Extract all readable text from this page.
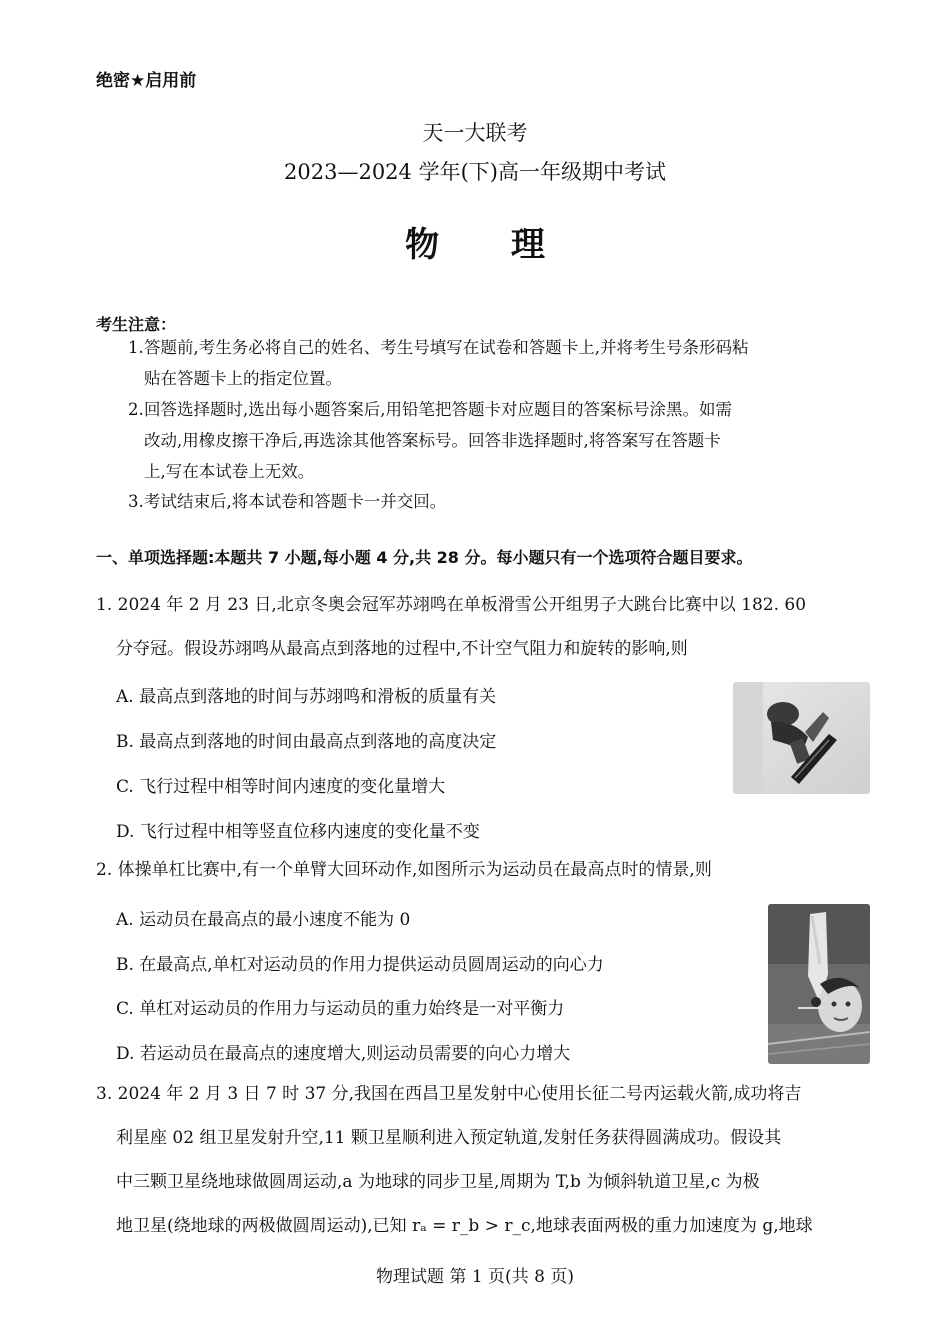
绝密★启用前
天一大联考
2023—2024 学年(下)高一年级期中考试
物 理
考生注意：
1.答题前,考生务必将自己的姓名、考生号填写在试卷和答题卡上,并将考生号条形码粘
贴在答题卡上的指定位置。
2.回答选择题时,选出每小题答案后,用铅笔把答题卡对应题目的答案标号涂黑。如需
改动,用橡皮擦干净后,再选涂其他答案标号。回答非选择题时,将答案写在答题卡
上,写在本试卷上无效。
3.考试结束后,将本试卷和答题卡一并交回。
一、单项选择题:本题共 7 小题,每小题 4 分,共 28 分。每小题只有一个选项符合题目要求。
1. 2024 年 2 月 23 日,北京冬奥会冠军苏翊鸣在单板滑雪公开组男子大跳台比赛中以 182. 60
分夺冠。假设苏翊鸣从最高点到落地的过程中,不计空气阻力和旋转的影响,则
A. 最高点到落地的时间与苏翊鸣和滑板的质量有关
B. 最高点到落地的时间由最高点到落地的高度决定
C. 飞行过程中相等时间内速度的变化量增大
D. 飞行过程中相等竖直位移内速度的变化量不变
2. 体操单杠比赛中,有一个单臂大回环动作,如图所示为运动员在最高点时的情景,则
A. 运动员在最高点的最小速度不能为 0
B. 在最高点,单杠对运动员的作用力提供运动员圆周运动的向心力
C. 单杠对运动员的作用力与运动员的重力始终是一对平衡力
D. 若运动员在最高点的速度增大,则运动员需要的向心力增大
3. 2024 年 2 月 3 日 7 时 37 分,我国在西昌卫星发射中心使用长征二号丙运载火箭,成功将吉
利星座 02 组卫星发射升空,11 颗卫星顺利进入预定轨道,发射任务获得圆满成功。假设其
中三颗卫星绕地球做圆周运动,a 为地球的同步卫星,周期为 T,b 为倾斜轨道卫星,c 为极
地卫星(绕地球的两极做圆周运动),已知 rₐ = r_b > r_c,地球表面两极的重力加速度为 g,地球
物理试题 第 1 页(共 8 页)
